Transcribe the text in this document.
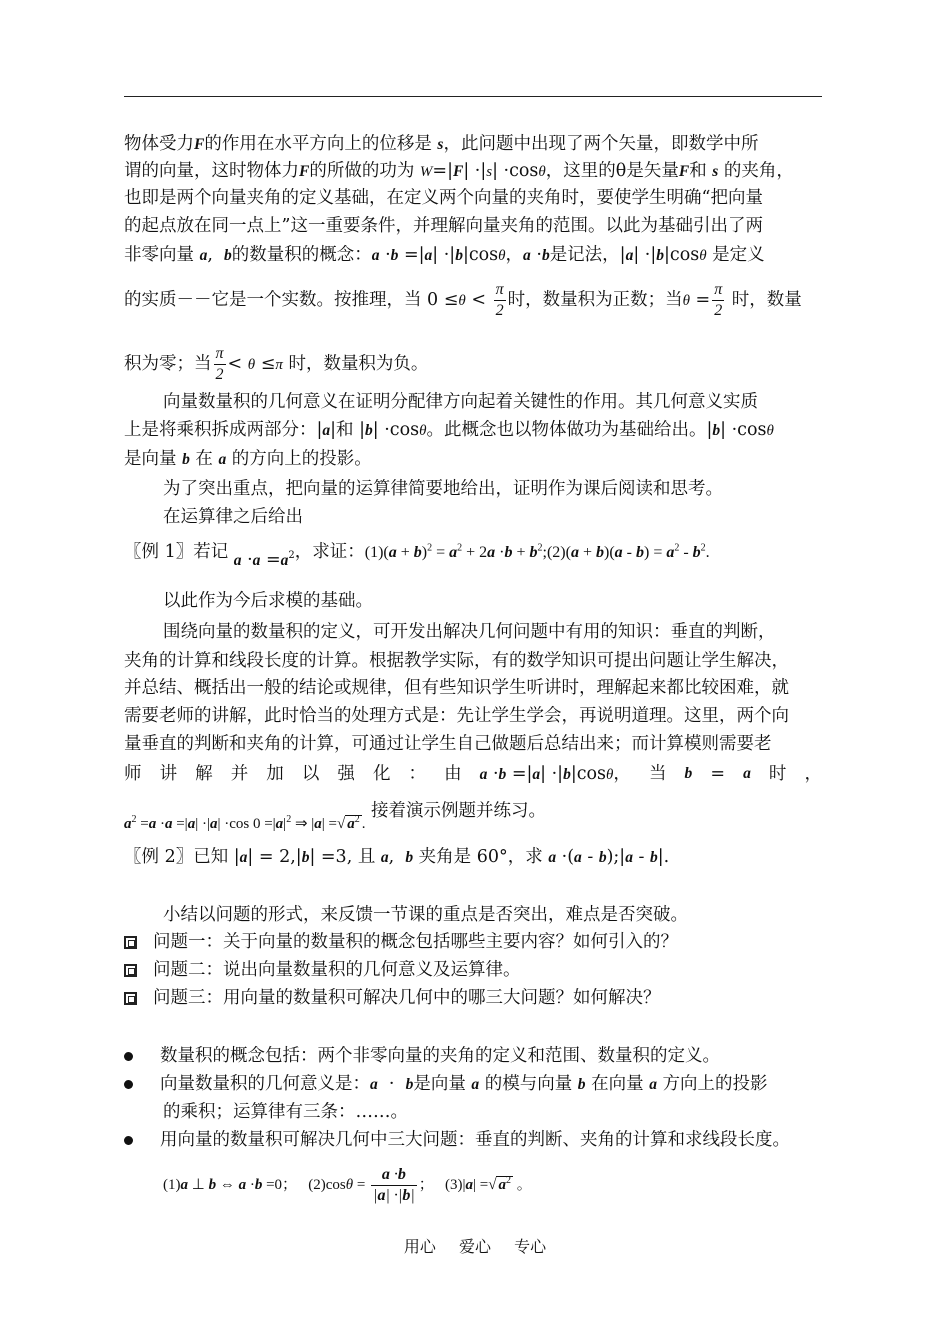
物体受力F的作用在水平方向上的位移是 s，此问题中出现了两个矢量，即数学中所
谓的向量，这时物体力F的所做的功为 W=|F| ·|s| ·cosθ，这里的θ是矢量F和 s 的夹角，
也即是两个向量夹角的定义基础，在定义两个向量的夹角时，要使学生明确“把向量
的起点放在同一点上”这一重要条件，并理解向量夹角的范围。以此为基础引出了两
非零向量 a,  b的数量积的概念：a ·b =|a| ·|b|cosθ，a ·b是记法，|a| ·|b|cosθ 是定义
的实质－－它是一个实数。按推理，当 $0 \le\theta < \frac{\pi}{2}$ 时，数量积为正数；当$\theta = \frac{\pi}{2}$ 时，数量
积为零；当 $\frac{\pi}{2} < \theta \le\pi$ 时，数量积为负。
向量数量积的几何意义在证明分配律方向起着关键性的作用。其几何意义实质
上是将乘积拆成两部分：|a|和 |b| ·cosθ。此概念也以物体做功为基础给出。|b| ·cosθ
是向量 b 在 a 的方向上的投影。
为了突出重点，把向量的运算律简要地给出，证明作为课后阅读和思考。
在运算律之后给出
〖例 1〗若记 $a \cdot a =a^2$，求证：$(1)(a + b)^2 = a^2 + 2a \cdot b$ + $b^2;(2)(a + b)(a - b) = a^2 - b^2$.
以此作为今后求模的基础。
围绕向量的数量积的定义，可开发出解决几何问题中有用的知识：垂直的判断，
夹角的计算和线段长度的计算。根据教学实际，有的数学知识可提出问题让学生解决，
并总结、概括出一般的结论或规律，但有些知识学生听讲时，理解起来都比较困难，就
需要老师的讲解，此时恰当的处理方式是：先让学生学会，再说明道理。这里，两个向
量垂直的判断和夹角的计算，可通过让学生自己做题后总结出来；而计算模则需要老
师 讲 解 并 加 以 强 化 ： 由 a ·b =|a| ·|b|cosθ， 当 b = a 时 ，
$a^2 =a \cdot a =|a| \cdot|a| \cdot\cos$ $0 =|a|^2$ ⇒ |a| =√ $a^2$ . 接着演示例题并练习。
〖例 2〗已知 |a| = 2,|b| =3, 且 a,  b 夹角是 60°，求 a ·(a - b);|a - b|.
小结以问题的形式，来反馈一节课的重点是否突出，难点是否突破。
问题一：关于向量的数量积的概念包括哪些主要内容？如何引入的？
问题二：说出向量数量积的几何意义及运算律。
问题三：用向量的数量积可解决几何中的哪三大问题？如何解决？
数量积的概念包括：两个非零向量的夹角的定义和范围、数量积的定义。
向量数量积的几何意义是：a  ·  b是向量 a 的模与向量 b 在向量 a 方向上的投影
的乘积；运算律有三条：……。
用向量的数量积可解决几何中三大问题：垂直的判断、夹角的计算和求线段长度。
(1)a ⊥ b ⇔ a ·b =0；   $(2)\cos\theta = \frac{a \cdot b}{|a| \cdot|b|}$ ；   (3)|a| =√ $a^2$ 。
用心 爱心 专心
